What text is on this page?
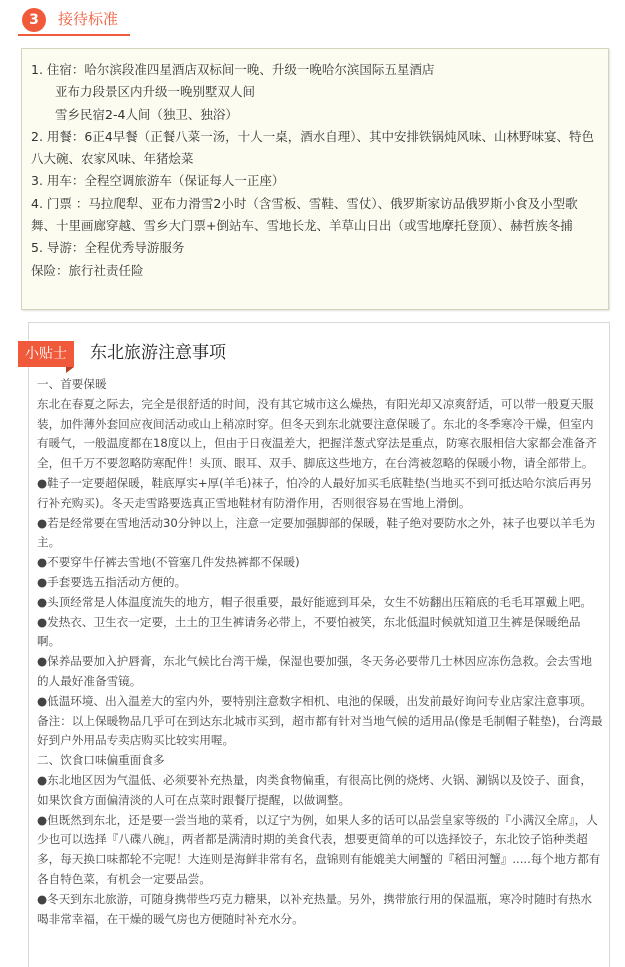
3	接待标准
1. 住宿：哈尔滨段准四星酒店双标间一晚、升级一晚哈尔滨国际五星酒店
亚布力段景区内升级一晚别墅双人间
雪乡民宿2-4人间（独卫、独浴）
2. 用餐：6正4早餐（正餐八菜一汤，十人一桌，酒水自理）、其中安排铁锅炖风味、山林野味宴、特色八大碗、农家风味、年猪烩菜
3. 用车：全程空调旅游车（保证每人一正座）
4. 门票 ：马拉爬犁、亚布力滑雪2小时（含雪板、雪鞋、雪仗）、俄罗斯家访品俄罗斯小食及小型歌舞、十里画廊穿越、雪乡大门票+倒站车、雪地长龙、羊草山日出（或雪地摩托登顶）、赫哲族冬捕
5. 导游：全程优秀导游服务
保险：旅行社责任险
小贴士	东北旅游注意事项

一、首要保暖

东北在春夏之际去，完全是很舒适的时间，没有其它城市这么燥热，有阳光却又凉爽舒适，可以带一般夏天服装，加件薄外套回应夜间活动或山上稍凉时穿。但冬天到东北就要注意保暖了。东北的冬季寒冷干燥，但室内有暖气，一般温度都在18度以上，但由于日夜温差大，把握洋葱式穿法是重点，防寒衣服相信大家都会准备齐全，但千万不要忽略防寒配件！头顶、眼耳、双手、脚底这些地方，在台湾被忽略的保暖小物，请全部带上。

●鞋子一定要超保暖，鞋底厚实+厚(羊毛)袜子，怕冷的人最好加买毛底鞋垫(当地买不到可抵达哈尔滨后再另行补充购买)。冬天走雪路要选真正雪地鞋材有防滑作用，否则很容易在雪地上滑倒。

●若是经常要在雪地活动30分钟以上，注意一定要加强脚部的保暖，鞋子绝对要防水之外，袜子也要以羊毛为主。

●不要穿牛仔裤去雪地(不管塞几件发热裤都不保暖)

●手套要选五指活动方便的。

●头顶经常是人体温度流失的地方，帽子很重要，最好能遮到耳朵，女生不妨翻出压箱底的毛毛耳罩戴上吧。

●发热衣、卫生衣一定要，土土的卫生裤请务必带上，不要怕被笑，东北低温时候就知道卫生裤是保暖绝品啊。

●保养品要加入护唇膏，东北气候比台湾干燥，保湿也要加强，冬天务必要带几士林因应冻伤急救。会去雪地的人最好准备雪镜。

●低温环境、出入温差大的室内外，要特别注意数字相机、电池的保暖，出发前最好询问专业店家注意事项。

备注：以上保暖物品几乎可在到达东北城市买到，超市都有针对当地气候的适用品(像是毛制帽子鞋垫)，台湾最好到户外用品专卖店购买比较实用喔。

二、饮食口味偏重面食多

●东北地区因为气温低、必须要补充热量，肉类食物偏重，有很高比例的烧烤、火锅、涮锅以及饺子、面食，如果饮食方面偏清淡的人可在点菜时跟餐厅提醒，以做调整。

●但既然到东北，还是要一尝当地的菜肴，以辽宁为例，如果人多的话可以品尝皇家等级的『小满汉全席』，人少也可以选择『八碟八碗』，两者都是满清时期的美食代表，想要更简单的可以选择饺子，东北饺子馅种类超多，每天换口味都轮不完呢！大连则是海鲜非常有名，盘锦则有能媲美大闸蟹的『稻田河蟹』.....每个地方都有各自特色菜，有机会一定要品尝。

●冬天到东北旅游，可随身携带些巧克力糖果，以补充热量。另外，携带旅行用的保温瓶，寒冷时随时有热水喝非常幸福，在干燥的暖气房也方便随时补充水分。
